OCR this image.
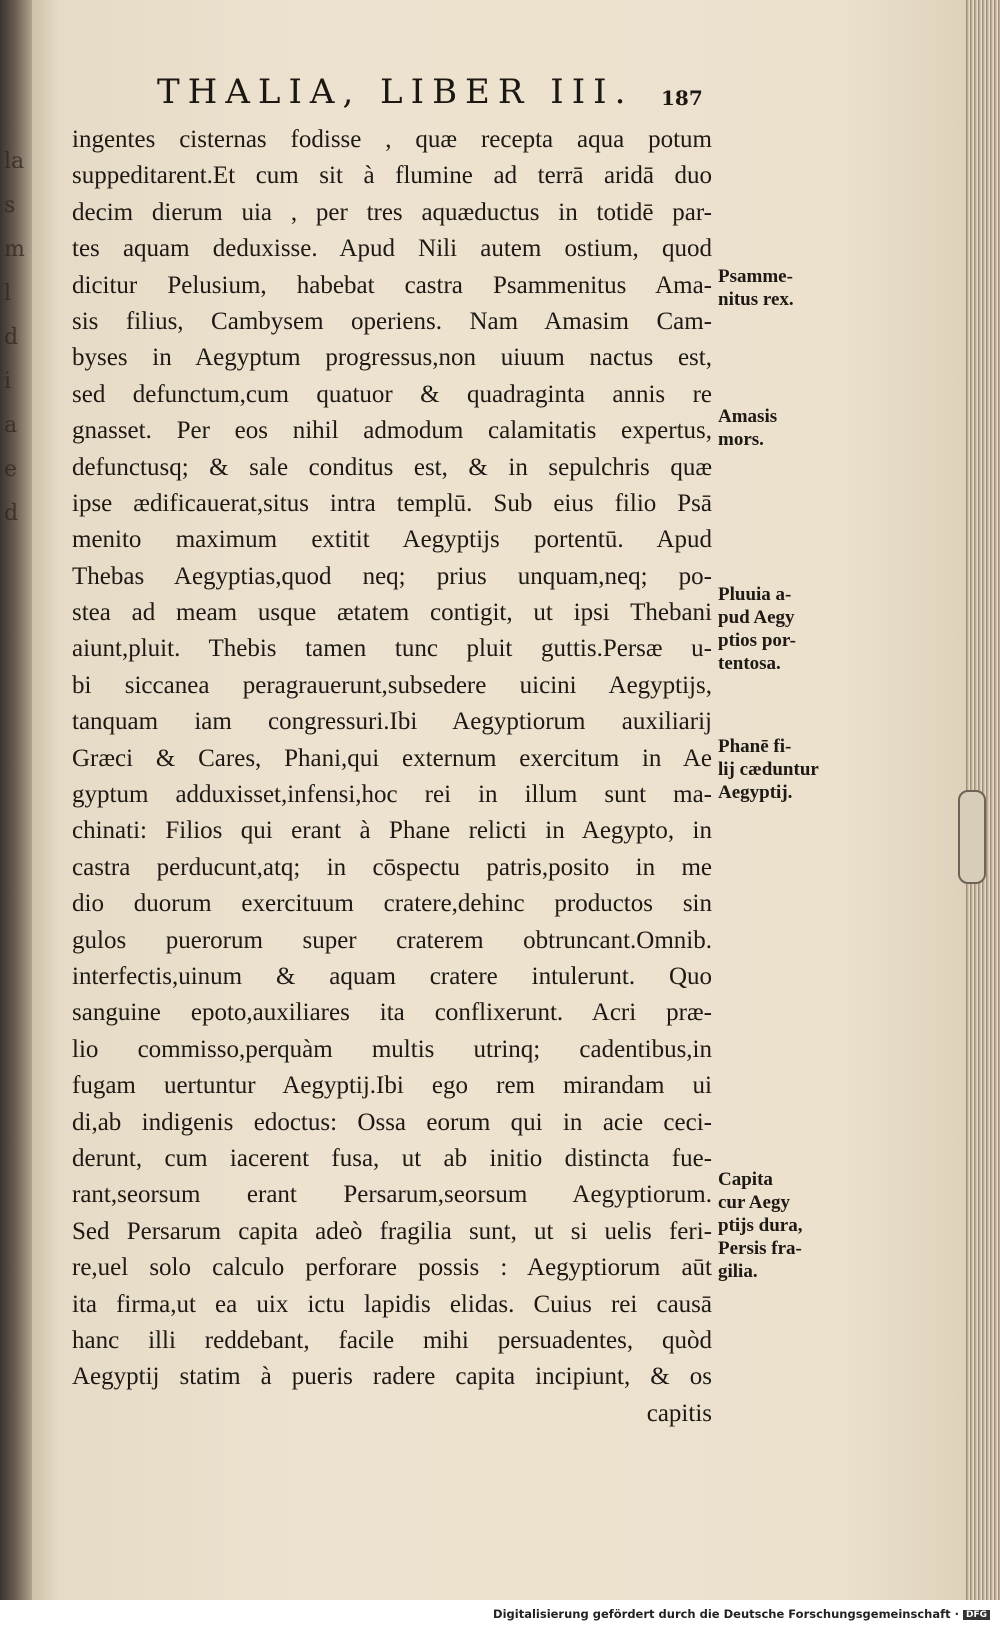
la
s
m
l
d
i
a
e
d
THALIA, LIBER III.	187
ingentes cisternas fodisse , quæ recepta aqua potum
suppeditarent.Et cum sit à flumine ad terrā aridā duo
decim dierum uia , per tres aquæductus in totidē par-
tes aquam deduxisse. Apud Nili autem ostium, quod
dicitur Pelusium, habebat castra Psammenitus Ama-
sis filius, Cambysem operiens. Nam Amasim Cam-
byses in Aegyptum progressus,non uiuum nactus est,
sed defunctum,cum quatuor & quadraginta annis re
gnasset. Per eos nihil admodum calamitatis expertus,
defunctusq; & sale conditus est, & in sepulchris quæ
ipse ædificauerat,situs intra templū. Sub eius filio Psā
menito maximum extitit Aegyptijs portentū. Apud
Thebas Aegyptias,quod neq; prius unquam,neq; po-
stea ad meam usque ætatem contigit, ut ipsi Thebani
aiunt,pluit. Thebis tamen tunc pluit guttis.Persæ u-
bi siccanea peragrauerunt,subsedere uicini Aegyptijs,
tanquam iam congressuri.Ibi Aegyptiorum auxiliarij
Græci & Cares, Phani,qui externum exercitum in Ae
gyptum adduxisset,infensi,hoc rei in illum sunt ma-
chinati: Filios qui erant à Phane relicti in Aegypto, in
castra perducunt,atq; in cōspectu patris,posito in me
dio duorum exercituum cratere,dehinc productos sin
gulos puerorum super craterem obtruncant.Omnib.
interfectis,uinum & aquam cratere intulerunt. Quo
sanguine epoto,auxiliares ita conflixerunt. Acri præ-
lio commisso,perquàm multis utrinq; cadentibus,in
fugam uertuntur Aegyptij.Ibi ego rem mirandam ui
di,ab indigenis edoctus: Ossa eorum qui in acie ceci-
derunt, cum iacerent fusa, ut ab initio distincta fue-
rant,seorsum erant Persarum,seorsum Aegyptiorum.
Sed Persarum capita adeò fragilia sunt, ut si uelis feri-
re,uel solo calculo perforare possis : Aegyptiorum aūt
ita firma,ut ea uix ictu lapidis elidas. Cuius rei causā
hanc illi reddebant, facile mihi persuadentes, quòd
Aegyptij statim à pueris radere capita incipiunt, & os
capitis
Psamme-
nitus rex.
Amasis
mors.
Pluuia a-
pud Aegy
ptios por-
tentosa.
Phanē fi-
lij cæduntur
Aegyptij.
Capita
cur Aegy
ptijs dura,
Persis fra-
gilia.
Digitalisierung gefördert durch die Deutsche Forschungsgemeinschaft · DFG
